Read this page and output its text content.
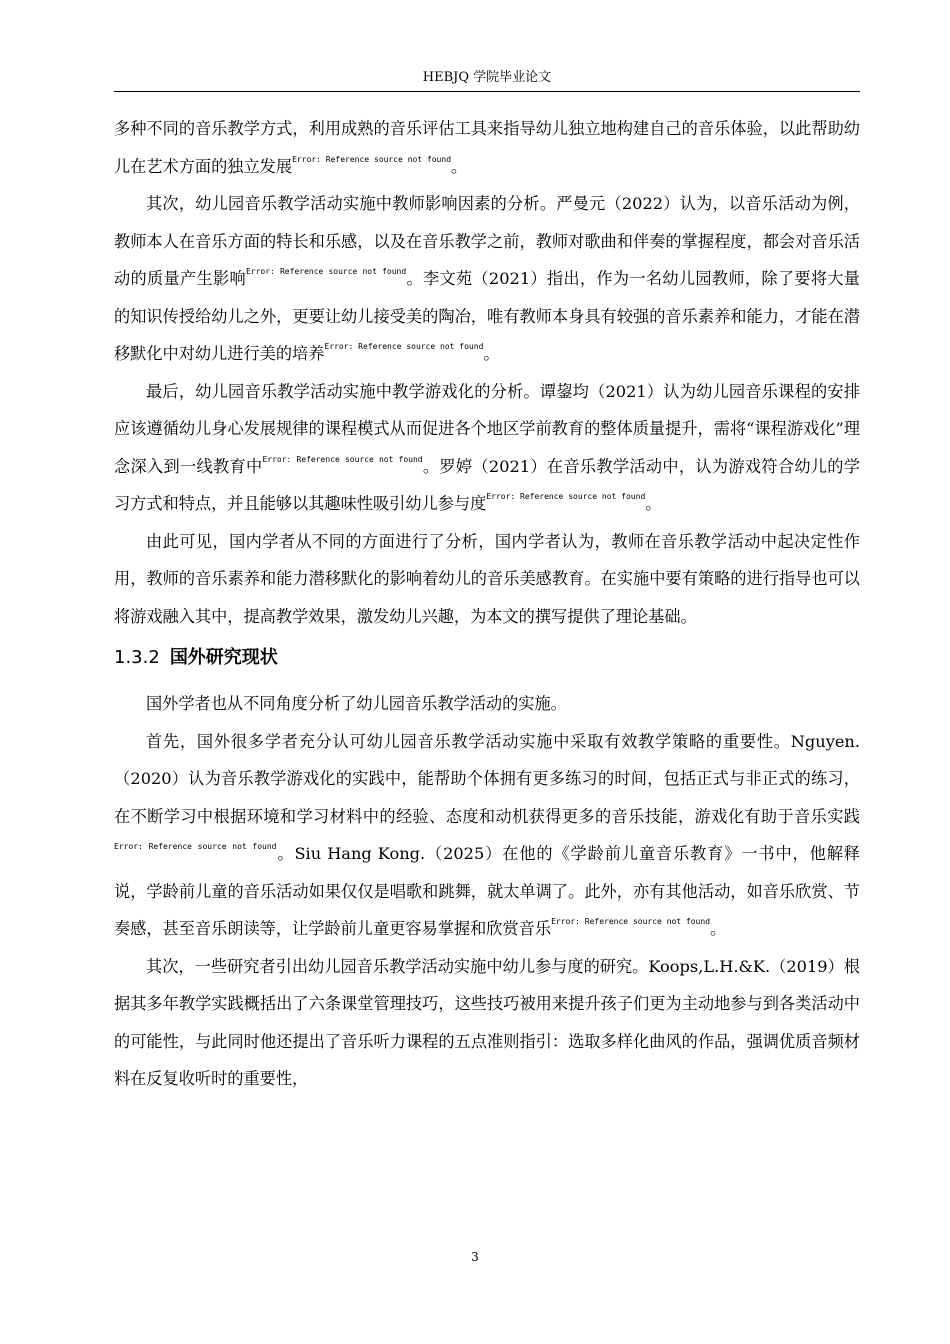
HEBJQ 学院毕业论文

多种不同的音乐教学方式，利用成熟的音乐评估工具来指导幼儿独立地构建自己的音乐体验，以此帮助幼儿在艺术方面的独立发展$^{Error: Reference source not found}$。

其次，幼儿园音乐教学活动实施中教师影响因素的分析。严曼元（2022）认为，以音乐活动为例，教师本人在音乐方面的特长和乐感，以及在音乐教学之前，教师对歌曲和伴奏的掌握程度，都会对音乐活动的质量产生影响$^{Error: Reference source not found}$。李文苑（2021）指出，作为一名幼儿园教师，除了要将大量的知识传授给幼儿之外，更要让幼儿接受美的陶冶，唯有教师本身具有较强的音乐素养和能力，才能在潜移默化中对幼儿进行美的培养$^{Error: Reference source not found}$。

最后，幼儿园音乐教学活动实施中教学游戏化的分析。谭鋆均（2021）认为幼儿园音乐课程的安排应该遵循幼儿身心发展规律的课程模式从而促进各个地区学前教育的整体质量提升，需将“课程游戏化”理念深入到一线教育中$^{Error: Reference source not found}$。罗婷（2021）在音乐教学活动中，认为游戏符合幼儿的学习方式和特点，并且能够以其趣味性吸引幼儿参与度$^{Error: Reference source not found}$。

由此可见，国内学者从不同的方面进行了分析，国内学者认为，教师在音乐教学活动中起决定性作用，教师的音乐素养和能力潜移默化的影响着幼儿的音乐美感教育。在实施中要有策略的进行指导也可以将游戏融入其中，提高教学效果，激发幼儿兴趣，为本文的撰写提供了理论基础。

1.3.2 国外研究现状

国外学者也从不同角度分析了幼儿园音乐教学活动的实施。

首先，国外很多学者充分认可幼儿园音乐教学活动实施中采取有效教学策略的重要性。Nguyen.（2020）认为音乐教学游戏化的实践中，能帮助个体拥有更多练习的时间，包括正式与非正式的练习，在不断学习中根据环境和学习材料中的经验、态度和动机获得更多的音乐技能，游戏化有助于音乐实践$^{Error: Reference source not found}$。Siu Hang Kong.（2025）在他的《学龄前儿童音乐教育》一书中，他解释说，学龄前儿童的音乐活动如果仅仅是唱歌和跳舞，就太单调了。此外，亦有其他活动，如音乐欣赏、节奏感，甚至音乐朗读等，让学龄前儿童更容易掌握和欣赏音乐$^{Error: Reference source not found}$。

其次，一些研究者引出幼儿园音乐教学活动实施中幼儿参与度的研究。Koops,L.H.&K.（2019）根据其多年教学实践概括出了六条课堂管理技巧，这些技巧被用来提升孩子们更为主动地参与到各类活动中的可能性，与此同时他还提出了音乐听力课程的五点准则指引：选取多样化曲风的作品，强调优质音频材料在反复收听时的重要性，

3
